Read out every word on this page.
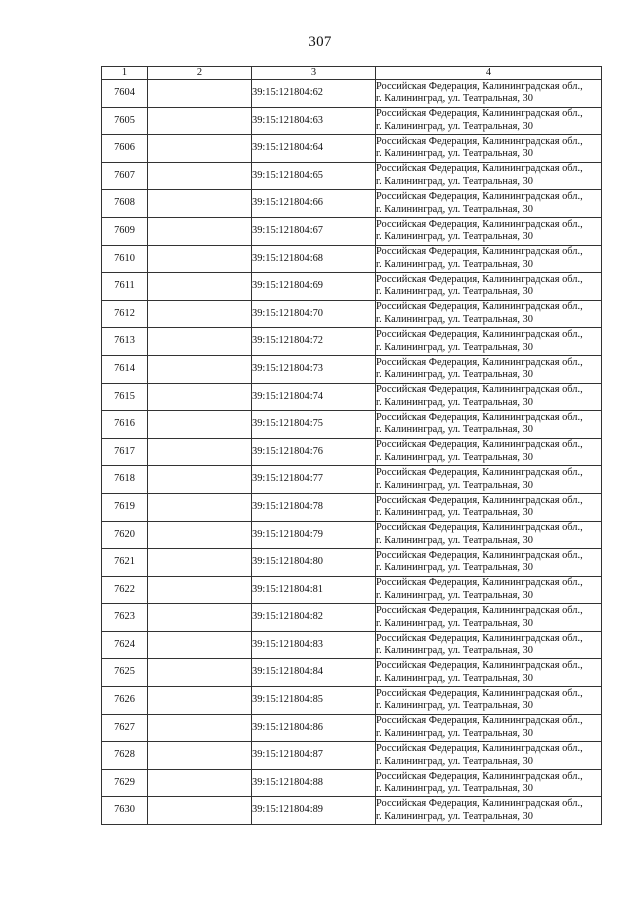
307
1	2	3	4
7604		39:15:121804:62	Российская Федерация, Калининградская обл.,
г. Калининград, ул. Театральная, 30

7605		39:15:121804:63	Российская Федерация, Калининградская обл.,
г. Калининград, ул. Театральная, 30

7606		39:15:121804:64	Российская Федерация, Калининградская обл.,
г. Калининград, ул. Театральная, 30

7607		39:15:121804:65	Российская Федерация, Калининградская обл.,
г. Калининград, ул. Театральная, 30

7608		39:15:121804:66	Российская Федерация, Калининградская обл.,
г. Калининград, ул. Театральная, 30

7609		39:15:121804:67	Российская Федерация, Калининградская обл.,
г. Калининград, ул. Театральная, 30

7610		39:15:121804:68	Российская Федерация, Калининградская обл.,
г. Калининград, ул. Театральная, 30

7611		39:15:121804:69	Российская Федерация, Калининградская обл.,
г. Калининград, ул. Театральная, 30

7612		39:15:121804:70	Российская Федерация, Калининградская обл.,
г. Калининград, ул. Театральная, 30

7613		39:15:121804:72	Российская Федерация, Калининградская обл.,
г. Калининград, ул. Театральная, 30

7614		39:15:121804:73	Российская Федерация, Калининградская обл.,
г. Калининград, ул. Театральная, 30

7615		39:15:121804:74	Российская Федерация, Калининградская обл.,
г. Калининград, ул. Театральная, 30

7616		39:15:121804:75	Российская Федерация, Калининградская обл.,
г. Калининград, ул. Театральная, 30

7617		39:15:121804:76	Российская Федерация, Калининградская обл.,
г. Калининград, ул. Театральная, 30

7618		39:15:121804:77	Российская Федерация, Калининградская обл.,
г. Калининград, ул. Театральная, 30

7619		39:15:121804:78	Российская Федерация, Калининградская обл.,
г. Калининград, ул. Театральная, 30

7620		39:15:121804:79	Российская Федерация, Калининградская обл.,
г. Калининград, ул. Театральная, 30

7621		39:15:121804:80	Российская Федерация, Калининградская обл.,
г. Калининград, ул. Театральная, 30

7622		39:15:121804:81	Российская Федерация, Калининградская обл.,
г. Калининград, ул. Театральная, 30

7623		39:15:121804:82	Российская Федерация, Калининградская обл.,
г. Калининград, ул. Театральная, 30

7624		39:15:121804:83	Российская Федерация, Калининградская обл.,
г. Калининград, ул. Театральная, 30

7625		39:15:121804:84	Российская Федерация, Калининградская обл.,
г. Калининград, ул. Театральная, 30

7626		39:15:121804:85	Российская Федерация, Калининградская обл.,
г. Калининград, ул. Театральная, 30

7627		39:15:121804:86	Российская Федерация, Калининградская обл.,
г. Калининград, ул. Театральная, 30

7628		39:15:121804:87	Российская Федерация, Калининградская обл.,
г. Калининград, ул. Театральная, 30

7629		39:15:121804:88	Российская Федерация, Калининградская обл.,
г. Калининград, ул. Театральная, 30

7630		39:15:121804:89	Российская Федерация, Калининградская обл.,
г. Калининград, ул. Театральная, 30
